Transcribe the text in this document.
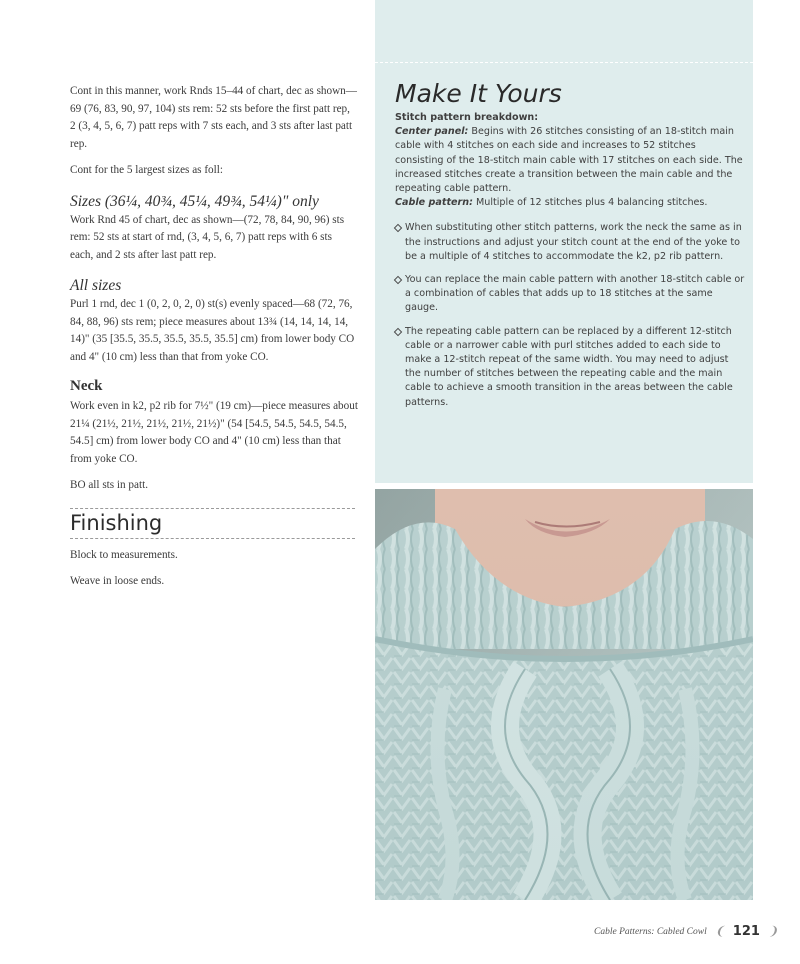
Cont in this manner, work Rnds 15–44 of chart, dec as shown—69 (76, 83, 90, 97, 104) sts rem: 52 sts before the first patt rep, 2 (3, 4, 5, 6, 7) patt reps with 7 sts each, and 3 sts after last patt rep.

Cont for the 5 largest sizes as foll:

Sizes (36¼, 40¾, 45¼, 49¾, 54¼)" only

Work Rnd 45 of chart, dec as shown—(72, 78, 84, 90, 96) sts rem: 52 sts at start of rnd, (3, 4, 5, 6, 7) patt reps with 6 sts each, and 2 sts after last patt rep.

All sizes

Purl 1 rnd, dec 1 (0, 2, 0, 2, 0) st(s) evenly spaced—68 (72, 76, 84, 88, 96) sts rem; piece measures about 13¾ (14, 14, 14, 14, 14)" (35 [35.5, 35.5, 35.5, 35.5, 35.5] cm) from lower body CO and 4" (10 cm) less than that from yoke CO.

Neck

Work even in k2, p2 rib for 7½" (19 cm)—piece measures about 21¼ (21½, 21½, 21½, 21½, 21½)" (54 [54.5, 54.5, 54.5, 54.5, 54.5] cm) from lower body CO and 4" (10 cm) less than that from yoke CO.

BO all sts in patt.

Finishing

Block to measurements.

Weave in loose ends.

Make It Yours

Stitch pattern breakdown:

Center panel: Begins with 26 stitches consisting of an 18-stitch main cable with 4 stitches on each side and increases to 52 stitches consisting of the 18-stitch main cable with 17 stitches on each side. The increased stitches create a transition between the main cable and the repeating cable pattern.

Cable pattern: Multiple of 12 stitches plus 4 balancing stitches.

When substituting other stitch patterns, work the neck the same as in the instructions and adjust your stitch count at the end of the yoke to be a multiple of 4 stitches to accommodate the k2, p2 rib pattern.
You can replace the main cable pattern with another 18-stitch cable or a combination of cables that adds up to 18 stitches at the same gauge.
The repeating cable pattern can be replaced by a different 12-stitch cable or a narrower cable with purl stitches added to each side to make a 12-stitch repeat of the same width. You may need to adjust the number of stitches between the repeating cable and the main cable to achieve a smooth transition in the areas between the cable patterns.
Cable Patterns: Cabled Cowl ❨ 121 ❩
